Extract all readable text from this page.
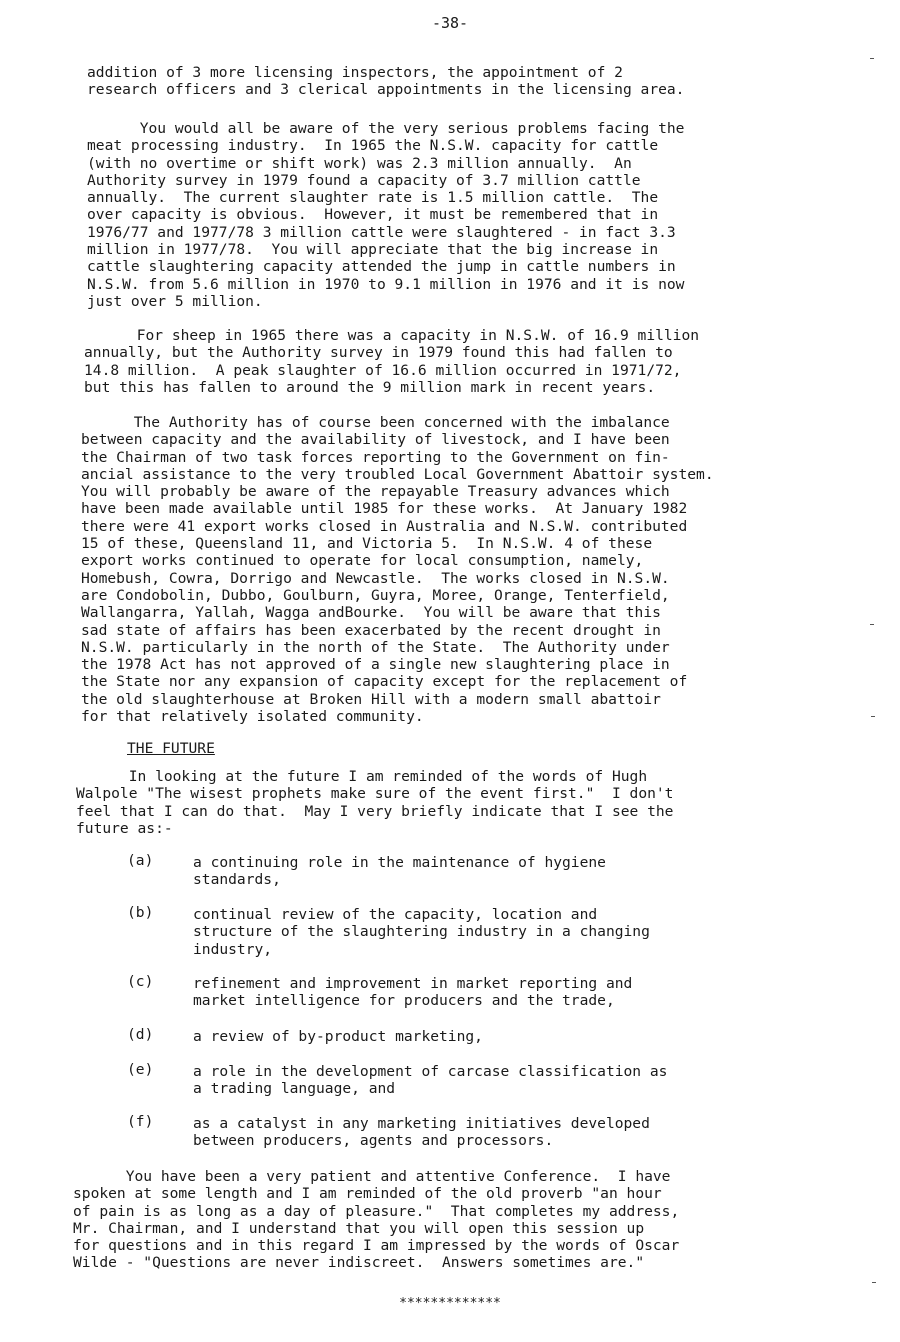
-38-
addition of 3 more licensing inspectors, the appointment of 2
research officers and 3 clerical appointments in the licensing area.
You would all be aware of the very serious problems facing the
meat processing industry.  In 1965 the N.S.W. capacity for cattle
(with no overtime or shift work) was 2.3 million annually.  An
Authority survey in 1979 found a capacity of 3.7 million cattle
annually.  The current slaughter rate is 1.5 million cattle.  The
over capacity is obvious.  However, it must be remembered that in
1976/77 and 1977/78 3 million cattle were slaughtered - in fact 3.3
million in 1977/78.  You will appreciate that the big increase in
cattle slaughtering capacity attended the jump in cattle numbers in
N.S.W. from 5.6 million in 1970 to 9.1 million in 1976 and it is now
just over 5 million.
For sheep in 1965 there was a capacity in N.S.W. of 16.9 million
annually, but the Authority survey in 1979 found this had fallen to
14.8 million.  A peak slaughter of 16.6 million occurred in 1971/72,
but this has fallen to around the 9 million mark in recent years.
The Authority has of course been concerned with the imbalance
between capacity and the availability of livestock, and I have been
the Chairman of two task forces reporting to the Government on fin-
ancial assistance to the very troubled Local Government Abattoir system.
You will probably be aware of the repayable Treasury advances which
have been made available until 1985 for these works.  At January 1982
there were 41 export works closed in Australia and N.S.W. contributed
15 of these, Queensland 11, and Victoria 5.  In N.S.W. 4 of these
export works continued to operate for local consumption, namely,
Homebush, Cowra, Dorrigo and Newcastle.  The works closed in N.S.W.
are Condobolin, Dubbo, Goulburn, Guyra, Moree, Orange, Tenterfield,
Wallangarra, Yallah, Wagga andBourke.  You will be aware that this
sad state of affairs has been exacerbated by the recent drought in
N.S.W. particularly in the north of the State.  The Authority under
the 1978 Act has not approved of a single new slaughtering place in
the State nor any expansion of capacity except for the replacement of
the old slaughterhouse at Broken Hill with a modern small abattoir
for that relatively isolated community.
THE FUTURE
In looking at the future I am reminded of the words of Hugh
Walpole "The wisest prophets make sure of the event first."  I don't
feel that I can do that.  May I very briefly indicate that I see the
future as:-
(a)	a continuing role in the maintenance of hygiene
standards,
(b)	continual review of the capacity, location and
structure of the slaughtering industry in a changing
industry,
(c)	refinement and improvement in market reporting and
market intelligence for producers and the trade,
(d)	a review of by-product marketing,
(e)	a role in the development of carcase classification as
a trading language, and
(f)	as a catalyst in any marketing initiatives developed
between producers, agents and processors.
You have been a very patient and attentive Conference.  I have
spoken at some length and I am reminded of the old proverb "an hour
of pain is as long as a day of pleasure."  That completes my address,
Mr. Chairman, and I understand that you will open this session up
for questions and in this regard I am impressed by the words of Oscar
Wilde - "Questions are never indiscreet.  Answers sometimes are."
*************
